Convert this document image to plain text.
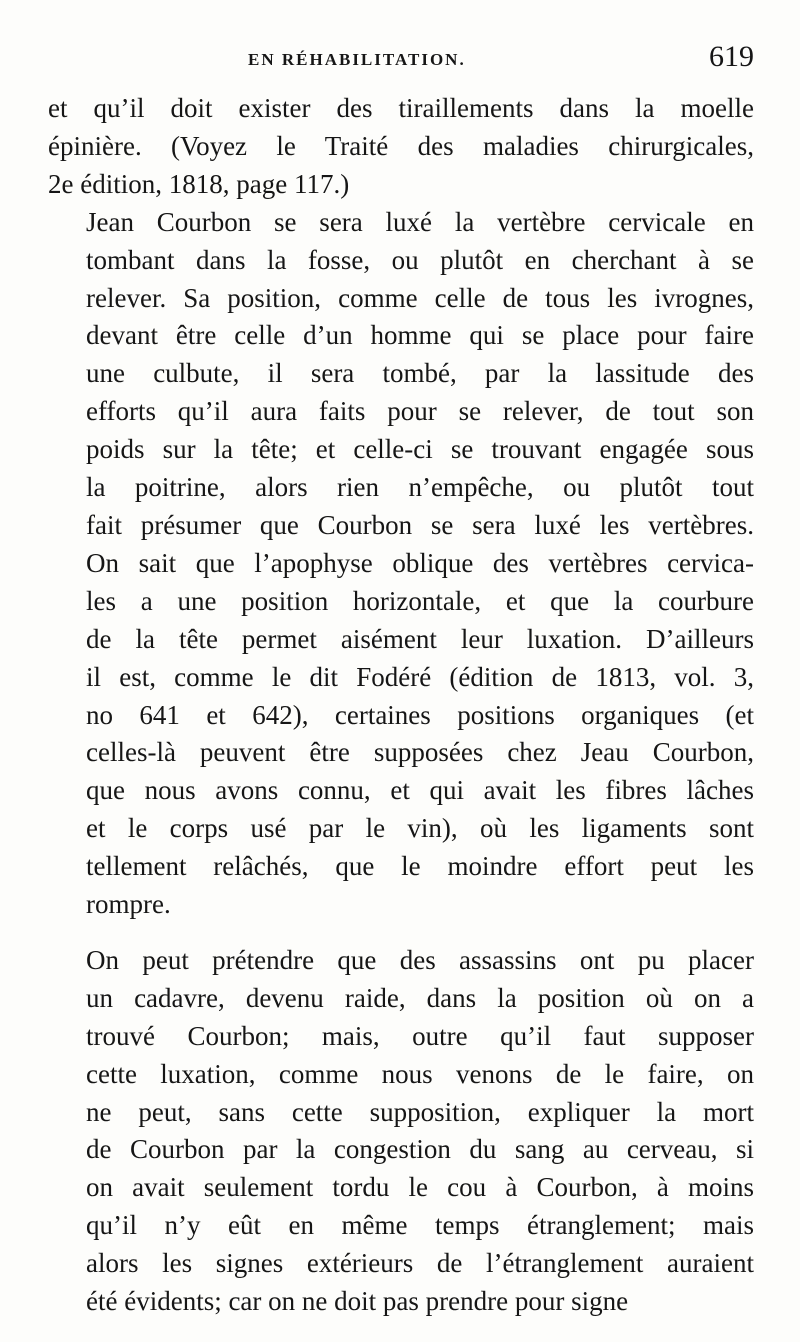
EN RÉHABILITATION.	619
et qu’il doit exister des tiraillements dans la moelle
épinière. (Voyez le Traité des maladies chirurgicales,
2e édition, 1818, page 117.)
Jean Courbon se sera luxé la vertèbre cervicale en
tombant dans la fosse, ou plutôt en cherchant à se
relever. Sa position, comme celle de tous les ivrognes,
devant être celle d’un homme qui se place pour faire
une culbute, il sera tombé, par la lassitude des
efforts qu’il aura faits pour se relever, de tout son
poids sur la tête; et celle-ci se trouvant engagée sous
la poitrine, alors rien n’empêche, ou plutôt tout
fait présumer que Courbon se sera luxé les vertèbres.
On sait que l’apophyse oblique des vertèbres cervica-
les a une position horizontale, et que la courbure
de la tête permet aisément leur luxation. D’ailleurs
il est, comme le dit Fodéré (édition de 1813, vol. 3,
no 641 et 642), certaines positions organiques (et
celles-là peuvent être supposées chez Jeau Courbon,
que nous avons connu, et qui avait les fibres lâches
et le corps usé par le vin), où les ligaments sont
tellement relâchés, que le moindre effort peut les
rompre.
On peut prétendre que des assassins ont pu placer
un cadavre, devenu raide, dans la position où on a
trouvé Courbon; mais, outre qu’il faut supposer
cette luxation, comme nous venons de le faire, on
ne peut, sans cette supposition, expliquer la mort
de Courbon par la congestion du sang au cerveau, si
on avait seulement tordu le cou à Courbon, à moins
qu’il n’y eût en même temps étranglement; mais
alors les signes extérieurs de l’étranglement auraient
été évidents; car on ne doit pas prendre pour signe
